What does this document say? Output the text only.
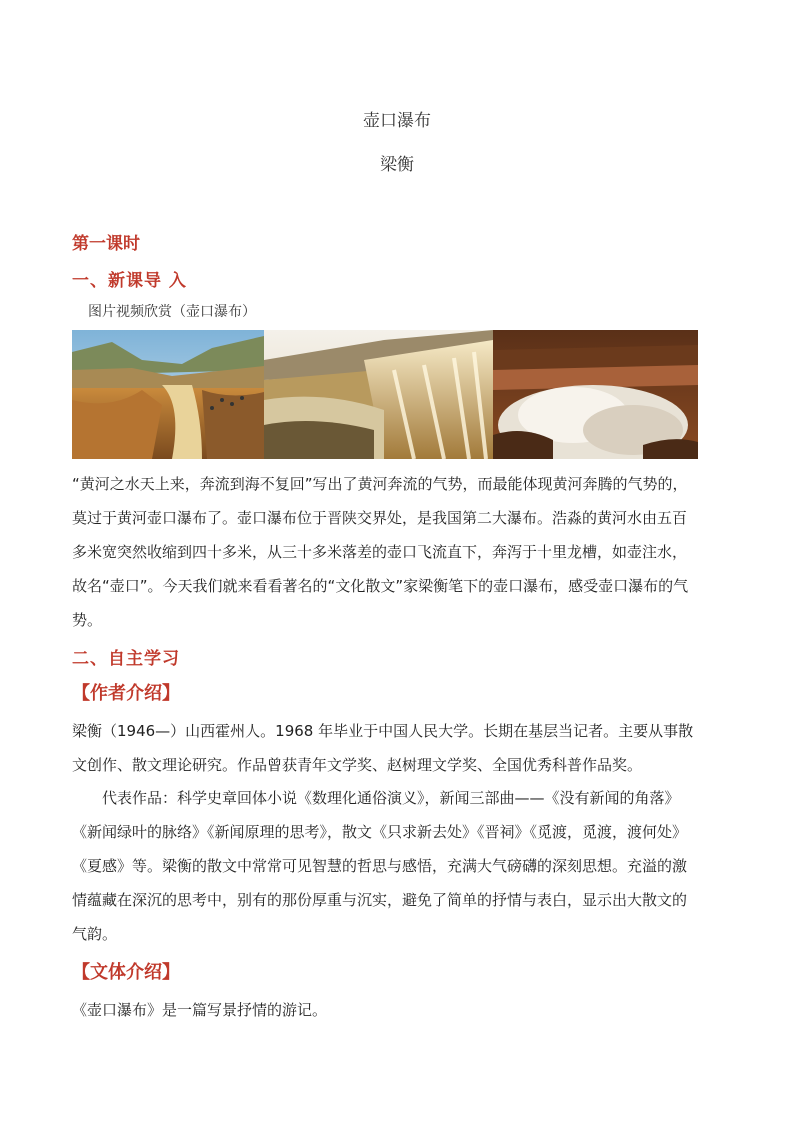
壶口瀑布
梁衡
第一课时
一、新课导 入
图片视频欣赏（壶口瀑布）
“黄河之水天上来，奔流到海不复回”写出了黄河奔流的气势，而最能体现黄河奔腾的气势的，
莫过于黄河壶口瀑布了。壶口瀑布位于晋陕交界处，是我国第二大瀑布。浩淼的黄河水由五百
多米宽突然收缩到四十多米，从三十多米落差的壶口飞流直下，奔泻于十里龙槽，如壶注水，
故名“壶口”。今天我们就来看看著名的“文化散文”家梁衡笔下的壶口瀑布，感受壶口瀑布的气
势。
二、自主学习
【作者介绍】
梁衡（1946—）山西霍州人。1968 年毕业于中国人民大学。长期在基层当记者。主要从事散
文创作、散文理论研究。作品曾获青年文学奖、赵树理文学奖、全国优秀科普作品奖。
　　代表作品：科学史章回体小说《数理化通俗演义》，新闻三部曲——《没有新闻的角落》
《新闻绿叶的脉络》《新闻原理的思考》，散文《只求新去处》《晋祠》《觅渡，觅渡，渡何处》
《夏感》等。梁衡的散文中常常可见智慧的哲思与感悟，充满大气磅礴的深刻思想。充溢的激
情蕴藏在深沉的思考中，别有的那份厚重与沉实，避免了简单的抒情与表白，显示出大散文的
气韵。
【文体介绍】
《壶口瀑布》是一篇写景抒情的游记。
